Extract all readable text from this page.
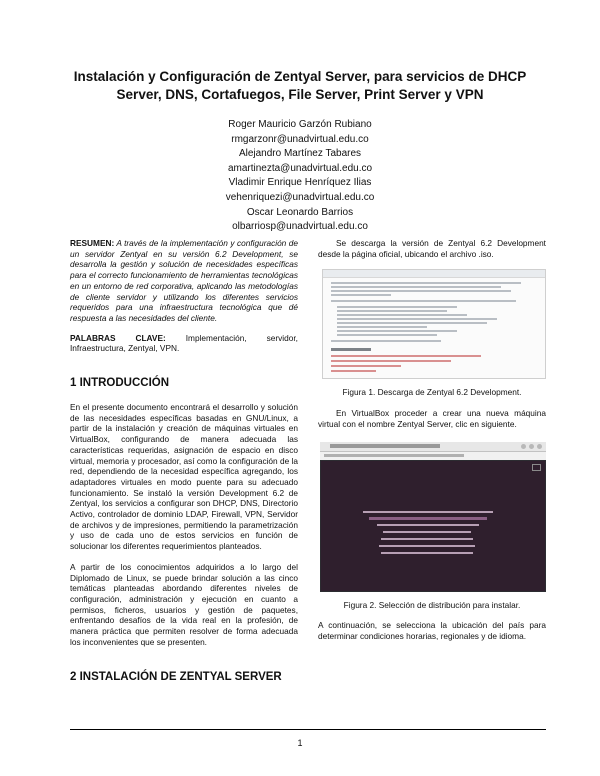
Instalación y Configuración de Zentyal Server, para servicios de DHCP Server, DNS, Cortafuegos, File Server, Print Server y VPN
Roger Mauricio Garzón Rubiano
rmgarzonr@unadvirtual.edu.co
Alejandro Martínez Tabares
amartinezta@unadvirtual.edu.co
Vladimir Enrique Henríquez Ilias
vehenriquezi@unadvirtual.edu.co
Oscar Leonardo Barrios
olbarriosp@unadvirtual.edu.co

RESUMEN: A través de la implementación y configuración de un servidor Zentyal en su versión 6.2 Development, se desarrolla la gestión y solución de necesidades específicas para el correcto funcionamiento de herramientas tecnológicas en un entorno de red corporativa, aplicando las metodologías de cliente servidor y utilizando los diferentes servicios requeridos para una infraestructura tecnológica que dé respuesta a las necesidades del cliente.

PALABRAS CLAVE: Implementación, servidor, Infraestructura, Zentyal, VPN.

1 INTRODUCCIÓN

En el presente documento encontrará el desarrollo y solución de las necesidades específicas basadas en GNU/Linux, a partir de la instalación y creación de máquinas virtuales en VirtualBox, configurando de manera adecuada las características requeridas, asignación de espacio en disco virtual, memoria y procesador, así como la configuración de la red, dependiendo de la necesidad específica agregando, los adaptadores virtuales en modo puente para su adecuado funcionamiento. Se instaló la versión Development 6.2 de Zentyal, los servicios a configurar son DHCP, DNS, Directorio Activo, controlador de dominio LDAP, Firewall, VPN, Servidor de archivos y de impresiones, permitiendo la parametrización y uso de cada uno de estos servicios en función de solucionar los diferentes requerimientos planteados.

A partir de los conocimientos adquiridos a lo largo del Diplomado de Linux, se puede brindar solución a las cinco temáticas planteadas abordando diferentes niveles de configuración, administración y ejecución en cuanto a permisos, ficheros, usuarios y gestión de paquetes, enfrentando desafíos de la vida real en la profesión, de manera práctica que permiten resolver de forma adecuada los inconvenientes que se presenten.

2 INSTALACIÓN DE ZENTYAL SERVER

Se descarga la versión de Zentyal 6.2 Development desde la página oficial, ubicando el archivo .iso.

Figura 1. Descarga de Zentyal 6.2 Development.

En VirtualBox proceder a crear una nueva máquina virtual con el nombre Zentyal Server, clic en siguiente.

Figura 2. Selección de distribución para instalar.

A continuación, se selecciona la ubicación del país para determinar condiciones horarias, regionales y de idioma.

1
